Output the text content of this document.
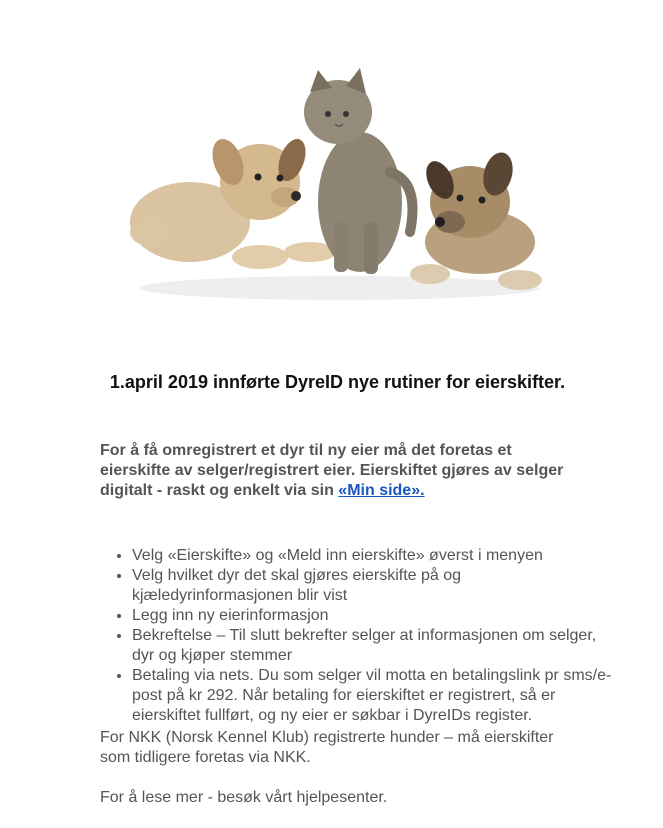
1.april 2019 innførte DyreID nye rutiner for eierskifter.
For å få omregistrert et dyr til ny eier må det foretas et eierskifte av selger/registrert eier. Eierskiftet gjøres av selger digitalt - raskt og enkelt via sin «Min side».
• Velg «Eierskifte» og «Meld inn eierskifte» øverst i menyen
• Velg hvilket dyr det skal gjøres eierskifte på og kjæledyrinformasjonen blir vist
• Legg inn ny eierinformasjon
• Bekreftelse – Til slutt bekrefter selger at informasjonen om selger, dyr og kjøper stemmer
• Betaling via nets. Du som selger vil motta en betalingslink pr sms/e-post på kr 292. Når betaling for eierskiftet er registrert, så er eierskiftet fullført, og ny eier er søkbar i DyreIDs register.
For NKK (Norsk Kennel Klub) registrerte hunder – må eierskifter som tidligere foretas via NKK.
For å lese mer - besøk vårt hjelpesenter.
